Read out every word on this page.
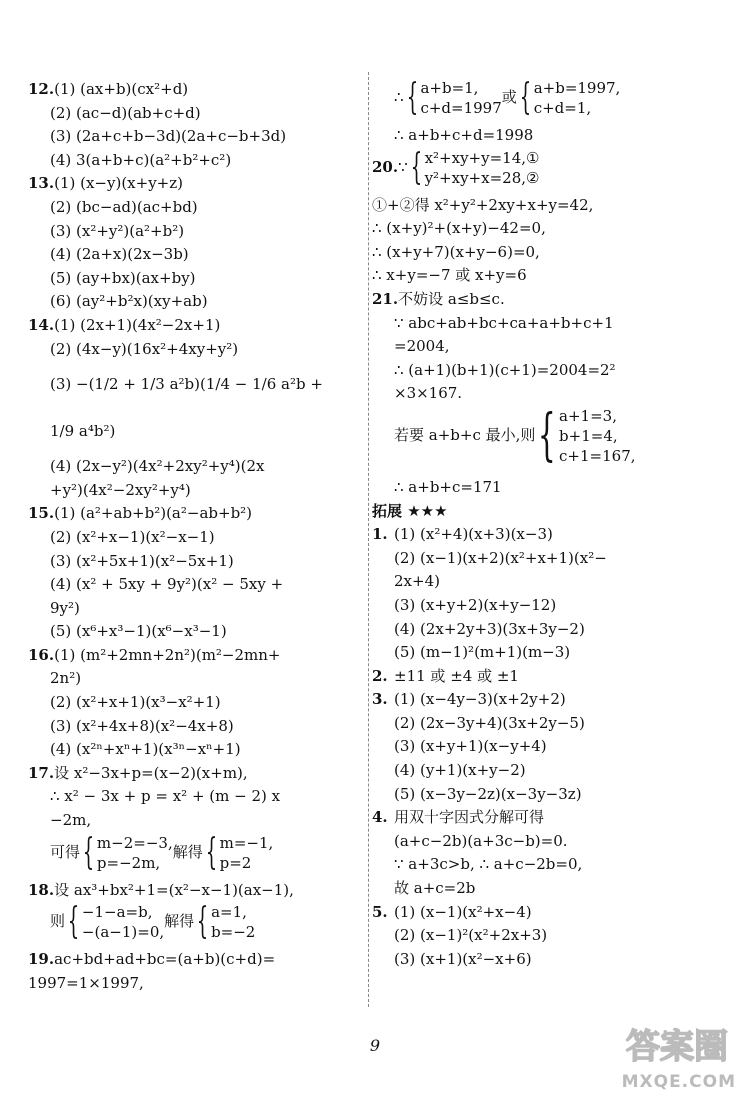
12.(1) (ax+b)(cx²+d)
(2) (ac−d)(ab+c+d)
(3) (2a+c+b−3d)(2a+c−b+3d)
(4) 3(a+b+c)(a²+b²+c²)
13.(1) (x−y)(x+y+z)
(2) (bc−ad)(ac+bd)
(3) (x²+y²)(a²+b²)
(4) (2a+x)(2x−3b)
(5) (ay+bx)(ax+by)
(6) (ay²+b²x)(xy+ab)
14.(1) (2x+1)(4x²−2x+1)
(2) (4x−y)(16x²+4xy+y²)
(3) −(1/2 + 1/3 a²b)(1/4 − 1/6 a²b +
1/9 a⁴b²)
(4) (2x−y²)(4x²+2xy²+y⁴)(2x
+y²)(4x²−2xy²+y⁴)
15.(1) (a²+ab+b²)(a²−ab+b²)
(2) (x²+x−1)(x²−x−1)
(3) (x²+5x+1)(x²−5x+1)
(4) (x² + 5xy + 9y²)(x² − 5xy +
9y²)
(5) (x⁶+x³−1)(x⁶−x³−1)
16.(1) (m²+2mn+2n²)(m²−2mn+
2n²)
(2) (x²+x+1)(x³−x²+1)
(3) (x²+4x+8)(x²−4x+8)
(4) (x²ⁿ+xⁿ+1)(x³ⁿ−xⁿ+1)
17.设 x²−3x+p=(x−2)(x+m),
∴ x² − 3x + p = x² + (m − 2) x
−2m,
可得 { m−2=−3,
p=−2m,
解得 { m=−1,
p=2
18.设 ax³+bx²+1=(x²−x−1)(ax−1),
则 { −1−a=b,
−(a−1)=0,
解得 { a=1,
b=−2
19.ac+bd+ad+bc=(a+b)(c+d)=
1997=1×1997,
∴ { a+b=1,
c+d=1997
或 { a+b=1997,
c+d=1,
∴ a+b+c+d=1998
20.∵ { x²+xy+y=14,①
y²+xy+x=28,②
①+②得 x²+y²+2xy+x+y=42,
∴ (x+y)²+(x+y)−42=0,
∴ (x+y+7)(x+y−6)=0,
∴ x+y=−7 或 x+y=6
21.不妨设 a≤b≤c.
∵ abc+ab+bc+ca+a+b+c+1
=2004,
∴ (a+1)(b+1)(c+1)=2004=2²
×3×167.
若要 a+b+c 最小,则 { a+1=3,
b+1=4,
c+1=167,
∴ a+b+c=171
拓展 ★★★
1. (1) (x²+4)(x+3)(x−3)
(2) (x−1)(x+2)(x²+x+1)(x²−
2x+4)
(3) (x+y+2)(x+y−12)
(4) (2x+2y+3)(3x+3y−2)
(5) (m−1)²(m+1)(m−3)
2. ±11 或 ±4 或 ±1
3. (1) (x−4y−3)(x+2y+2)
(2) (2x−3y+4)(3x+2y−5)
(3) (x+y+1)(x−y+4)
(4) (y+1)(x+y−2)
(5) (x−3y−2z)(x−3y−3z)
4. 用双十字因式分解可得
(a+c−2b)(a+3c−b)=0.
∵ a+3c>b, ∴ a+c−2b=0,
故 a+c=2b
5. (1) (x−1)(x²+x−4)
(2) (x−1)²(x²+2x+3)
(3) (x+1)(x²−x+6)
9	答案圈
MXQE.COM
